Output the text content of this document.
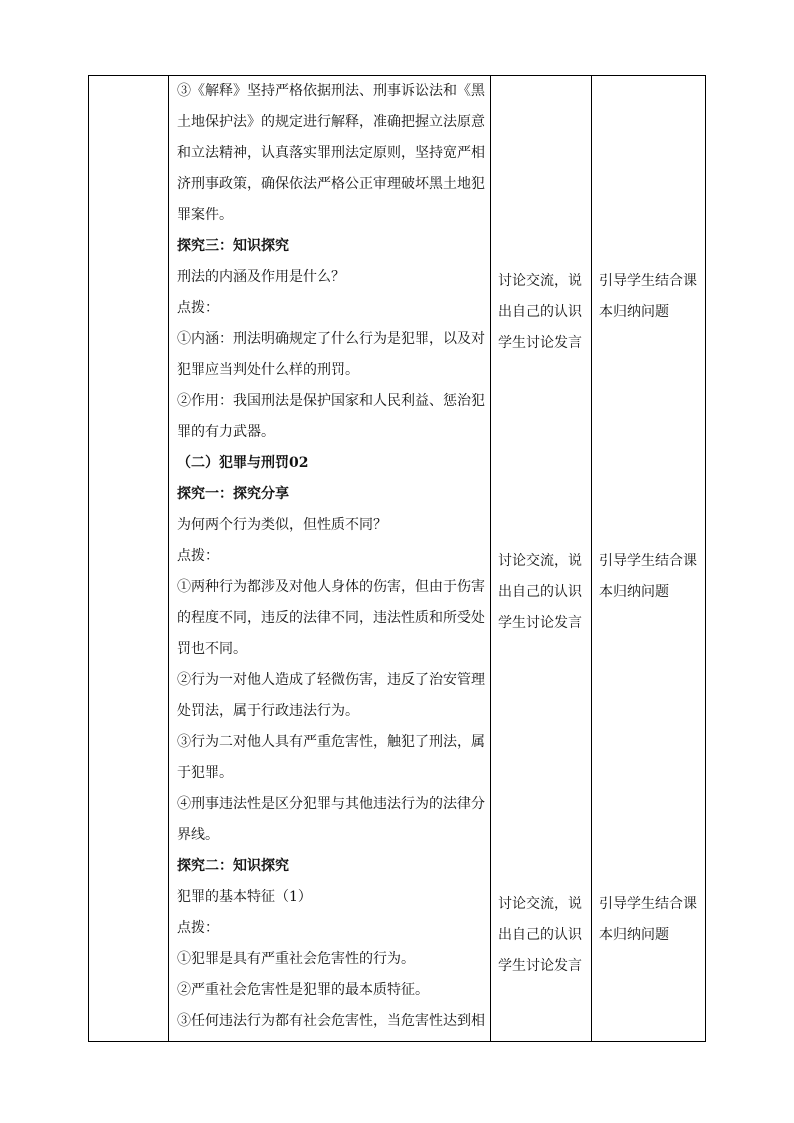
③《解释》坚持严格依据刑法、刑事诉讼法和《黑
土地保护法》的规定进行解释，准确把握立法原意
和立法精神，认真落实罪刑法定原则，坚持宽严相
济刑事政策，确保依法严格公正审理破坏黑土地犯
罪案件。
探究三：知识探究
刑法的内涵及作用是什么？
点拨：
①内涵：刑法明确规定了什么行为是犯罪，以及对
犯罪应当判处什么样的刑罚。
②作用：我国刑法是保护国家和人民利益、惩治犯
罪的有力武器。
（二）犯罪与刑罚02
探究一：探究分享
为何两个行为类似，但性质不同？
点拨：
①两种行为都涉及对他人身体的伤害，但由于伤害
的程度不同，违反的法律不同，违法性质和所受处
罚也不同。
②行为一对他人造成了轻微伤害，违反了治安管理
处罚法，属于行政违法行为。
③行为二对他人具有严重危害性，触犯了刑法，属
于犯罪。
④刑事违法性是区分犯罪与其他违法行为的法律分
界线。
探究二：知识探究
犯罪的基本特征（1）
点拨：
①犯罪是具有严重社会危害性的行为。
②严重社会危害性是犯罪的最本质特征。
③任何违法行为都有社会危害性，当危害性达到相
讨论交流，说
出自己的认识
学生讨论发言
讨论交流，说
出自己的认识
学生讨论发言
讨论交流，说
出自己的认识
学生讨论发言
引导学生结合课
本归纳问题
引导学生结合课
本归纳问题
引导学生结合课
本归纳问题
